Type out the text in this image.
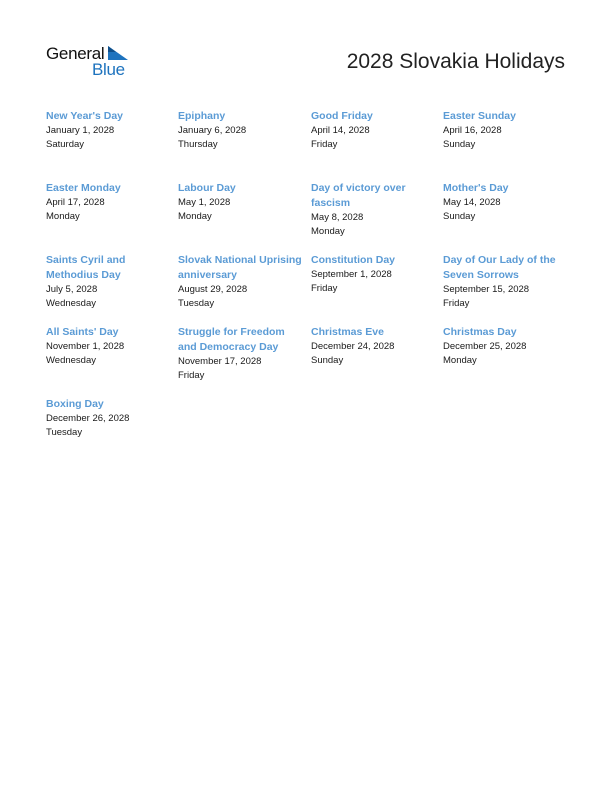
General
Blue	2028 Slovakia Holidays
New Year's Day
January 1, 2028
Saturday
Epiphany
January 6, 2028
Thursday
Good Friday
April 14, 2028
Friday
Easter Sunday
April 16, 2028
Sunday
Easter Monday
April 17, 2028
Monday
Labour Day
May 1, 2028
Monday
Day of victory over fascism
May 8, 2028
Monday
Mother's Day
May 14, 2028
Sunday
Saints Cyril and Methodius Day
July 5, 2028
Wednesday
Slovak National Uprising anniversary
August 29, 2028
Tuesday
Constitution Day
September 1, 2028
Friday
Day of Our Lady of the Seven Sorrows
September 15, 2028
Friday
All Saints' Day
November 1, 2028
Wednesday
Struggle for Freedom and Democracy Day
November 17, 2028
Friday
Christmas Eve
December 24, 2028
Sunday
Christmas Day
December 25, 2028
Monday
Boxing Day
December 26, 2028
Tuesday
